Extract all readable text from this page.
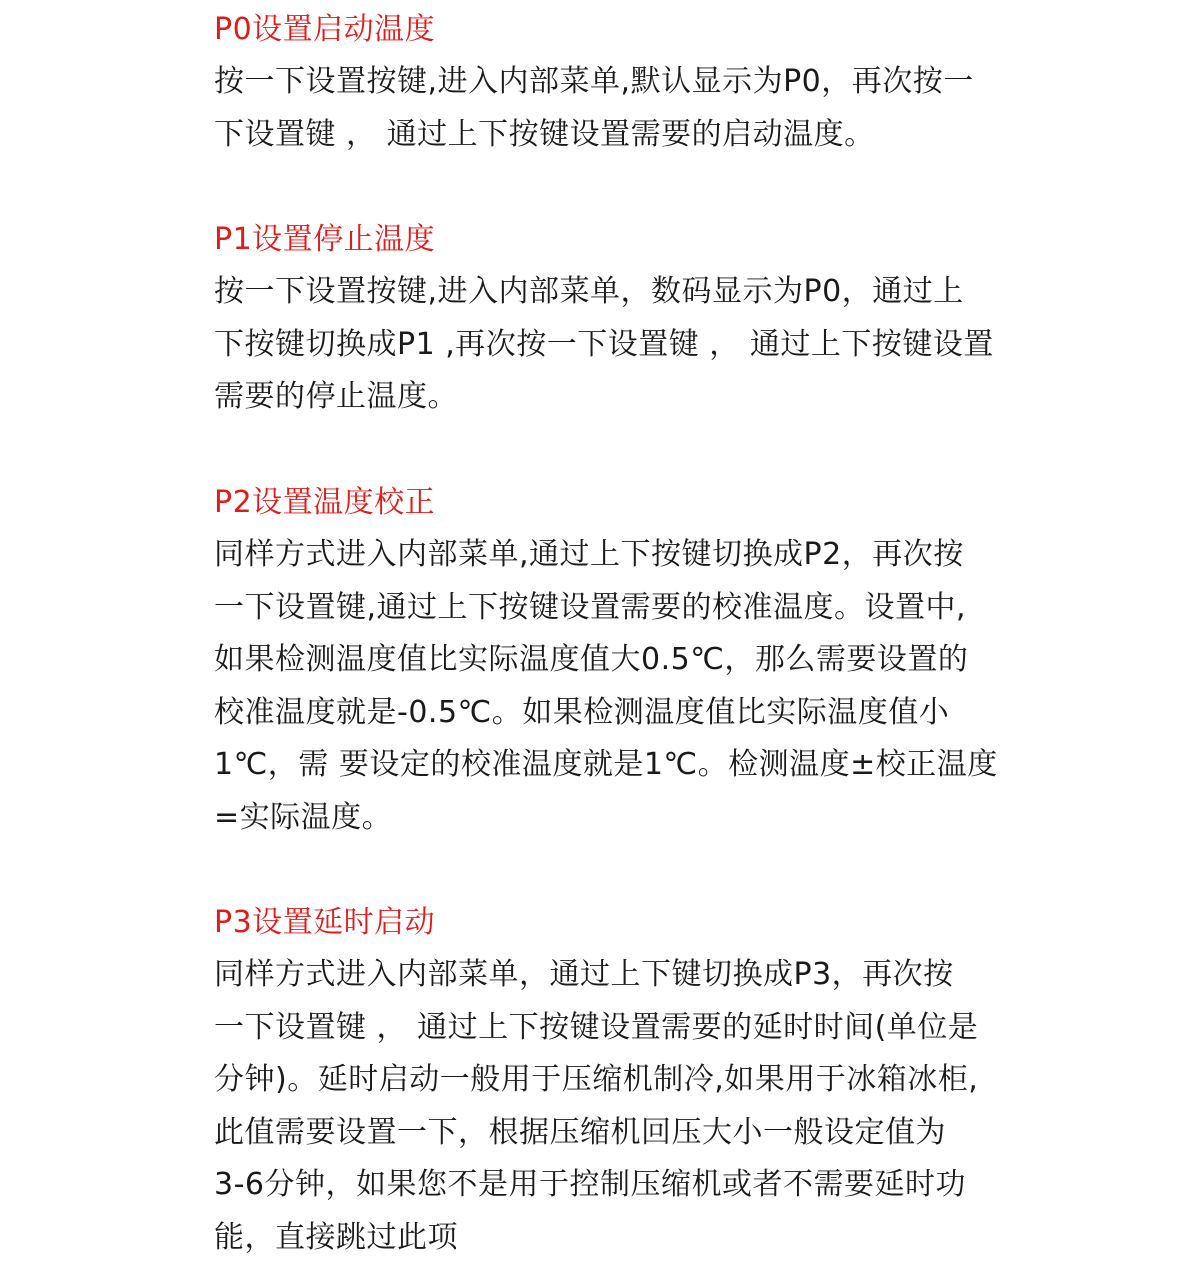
P0设置启动温度

按一下设置按键,进入内部菜单,默认显示为P0，再次按一

下设置键 ， 通过上下按键设置需要的启动温度。

P1设置停止温度

按一下设置按键,进入内部菜单，数码显示为P0，通过上

下按键切换成P1 ,再次按一下设置键 ， 通过上下按键设置

需要的停止温度。

P2设置温度校正

同样方式进入内部菜单,通过上下按键切换成P2，再次按

一下设置键,通过上下按键设置需要的校准温度。设置中,

如果检测温度值比实际温度值大0.5℃，那么需要设置的

校准温度就是-0.5℃。如果检测温度值比实际温度值小

1℃，需 要设定的校准温度就是1℃。检测温度±校正温度

=实际温度。

P3设置延时启动

同样方式进入内部菜单，通过上下键切换成P3，再次按

一下设置键 ， 通过上下按键设置需要的延时时间(单位是

分钟)。延时启动一般用于压缩机制冷,如果用于冰箱冰柜,

此值需要设置一下，根据压缩机回压大小一般设定值为

3-6分钟，如果您不是用于控制压缩机或者不需要延时功

能，直接跳过此项
